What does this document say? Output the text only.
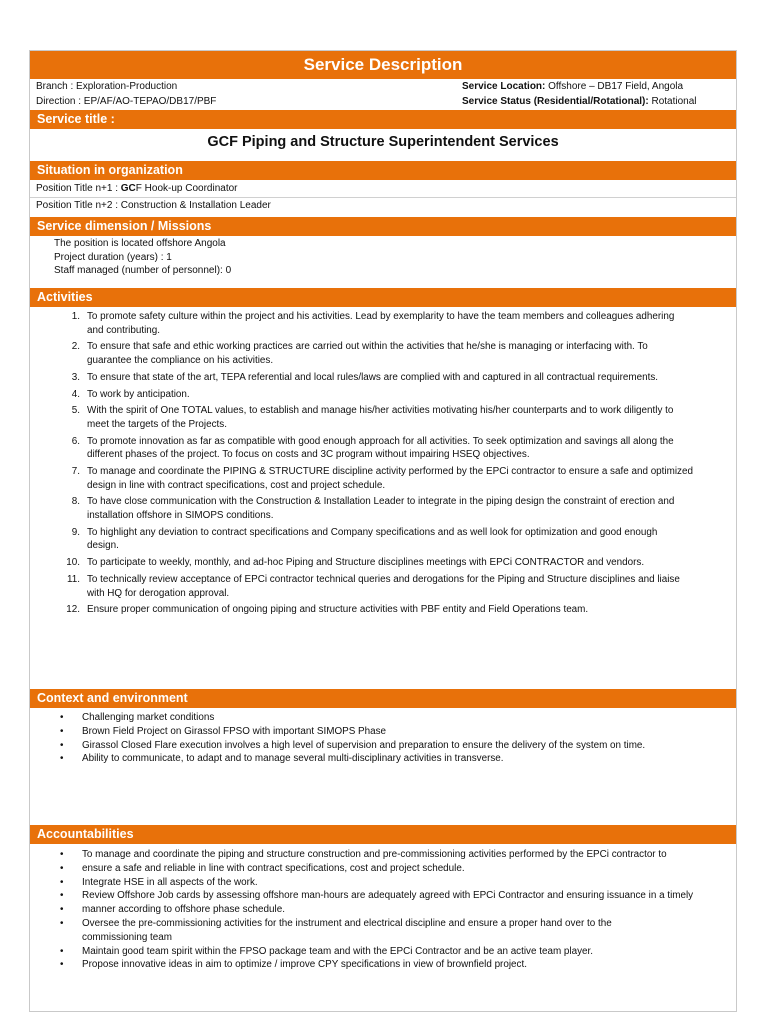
Service Description
Branch : Exploration-Production
Direction : EP/AF/AO-TEPAO/DB17/PBF
Service Location: Offshore – DB17 Field, Angola
Service Status (Residential/Rotational): Rotational
Service title :
GCF Piping and Structure Superintendent Services
Situation in organization
Position Title n+1 : GCF Hook-up Coordinator
Position Title n+2 : Construction & Installation Leader
Service dimension / Missions
The position is located offshore Angola
Project duration (years) : 1
Staff managed (number of personnel): 0
Activities
1. To promote safety culture within the project and his activities. Lead by exemplarity to have the team members and colleagues adhering
and contributing.
2. To ensure that safe and ethic working practices are carried out within the activities that he/she is managing or interfacing with. To
guarantee the compliance on his activities.
3. To ensure that state of the art, TEPA referential and local rules/laws are complied with and captured in all contractual requirements.
4. To work by anticipation.
5. With the spirit of One TOTAL values, to establish and manage his/her activities motivating his/her counterparts and to work diligently to
meet the targets of the Projects.
6. To promote innovation as far as compatible with good enough approach for all activities. To seek optimization and savings all along the
different phases of the project. To focus on costs and 3C program without impairing HSEQ objectives.
7. To manage and coordinate the PIPING & STRUCTURE discipline activity performed by the EPCi contractor to ensure a safe and optimized
design in line with contract specifications, cost and project schedule.
8. To have close communication with the Construction & Installation Leader to integrate in the piping design the constraint of erection and
installation offshore in SIMOPS conditions.
9. To highlight any deviation to contract specifications and Company specifications and as well look for optimization and good enough
design.
10. To participate to weekly, monthly, and ad-hoc Piping and Structure disciplines meetings with EPCi CONTRACTOR and vendors.
11. To technically review acceptance of EPCi contractor technical queries and derogations for the Piping and Structure disciplines and liaise
with HQ for derogation approval.
12. Ensure proper communication of ongoing piping and structure activities with PBF entity and Field Operations team.
Context and environment
• Challenging market conditions
• Brown Field Project on Girassol FPSO with important SIMOPS Phase
• Girassol Closed Flare execution involves a high level of supervision and preparation to ensure the delivery of the system on time.
• Ability to communicate, to adapt and to manage several multi-disciplinary activities in transverse.
Accountabilities
• To manage and coordinate the piping and structure construction and pre-commissioning activities performed by the EPCi contractor to
• ensure a safe and reliable in line with contract specifications, cost and project schedule.
• Integrate HSE in all aspects of the work.
• Review Offshore Job cards by assessing offshore man-hours are adequately agreed with EPCi Contractor and ensuring issuance in a timely
• manner according to offshore phase schedule.
• Oversee the pre-commissioning activities for the instrument and electrical discipline and ensure a proper hand over to the
commissioning team
• Maintain good team spirit within the FPSO package team and with the EPCi Contractor and be an active team player.
• Propose innovative ideas in aim to optimize / improve CPY specifications in view of brownfield project.
